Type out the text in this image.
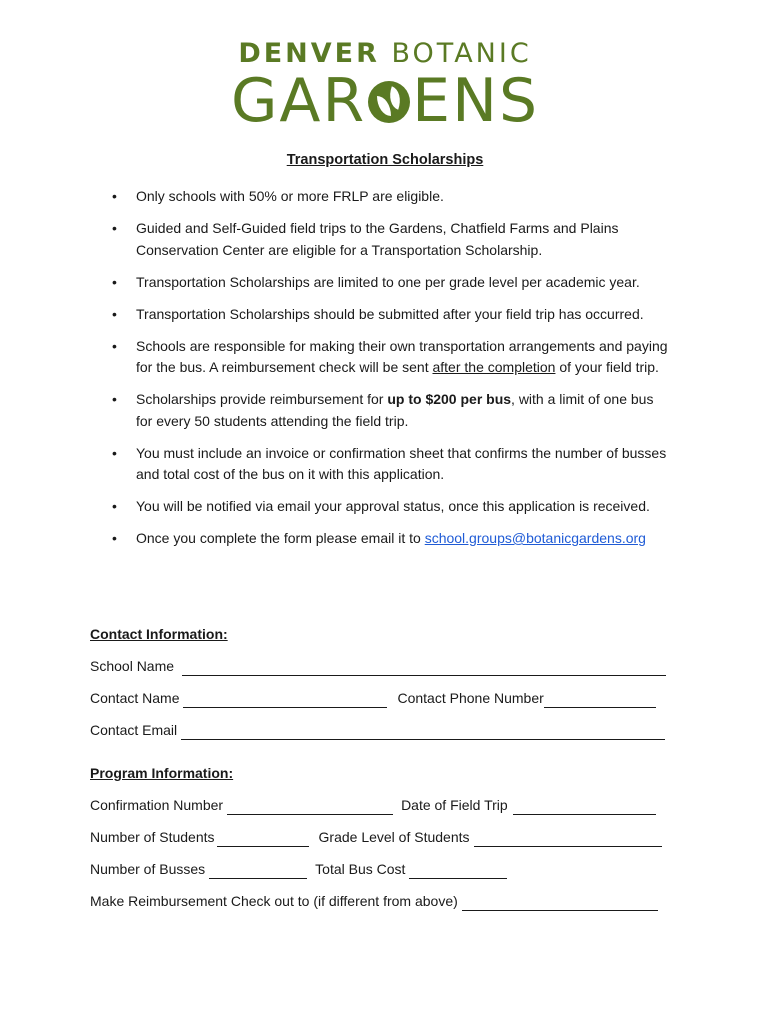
DENVER BOTANIC
GAR ENS
Transportation Scholarships
• Only schools with 50% or more FRLP are eligible.
• Guided and Self-Guided field trips to the Gardens, Chatfield Farms and Plains Conservation Center are eligible for a Transportation Scholarship.
• Transportation Scholarships are limited to one per grade level per academic year.
• Transportation Scholarships should be submitted after your field trip has occurred.
• Schools are responsible for making their own transportation arrangements and paying for the bus. A reimbursement check will be sent after the completion of your field trip.
• Scholarships provide reimbursement for up to $200 per bus, with a limit of one bus for every 50 students attending the field trip.
• You must include an invoice or confirmation sheet that confirms the number of busses and total cost of the bus on it with this application.
• You will be notified via email your approval status, once this application is received.
• Once you complete the form please email it to school.groups@botanicgardens.org
Contact Information:
School Name
Contact Name	Contact Phone Number
Contact Email
Program Information:
Confirmation Number	Date of Field Trip
Number of Students	Grade Level of Students
Number of Busses	Total Bus Cost
Make Reimbursement Check out to (if different from above)
